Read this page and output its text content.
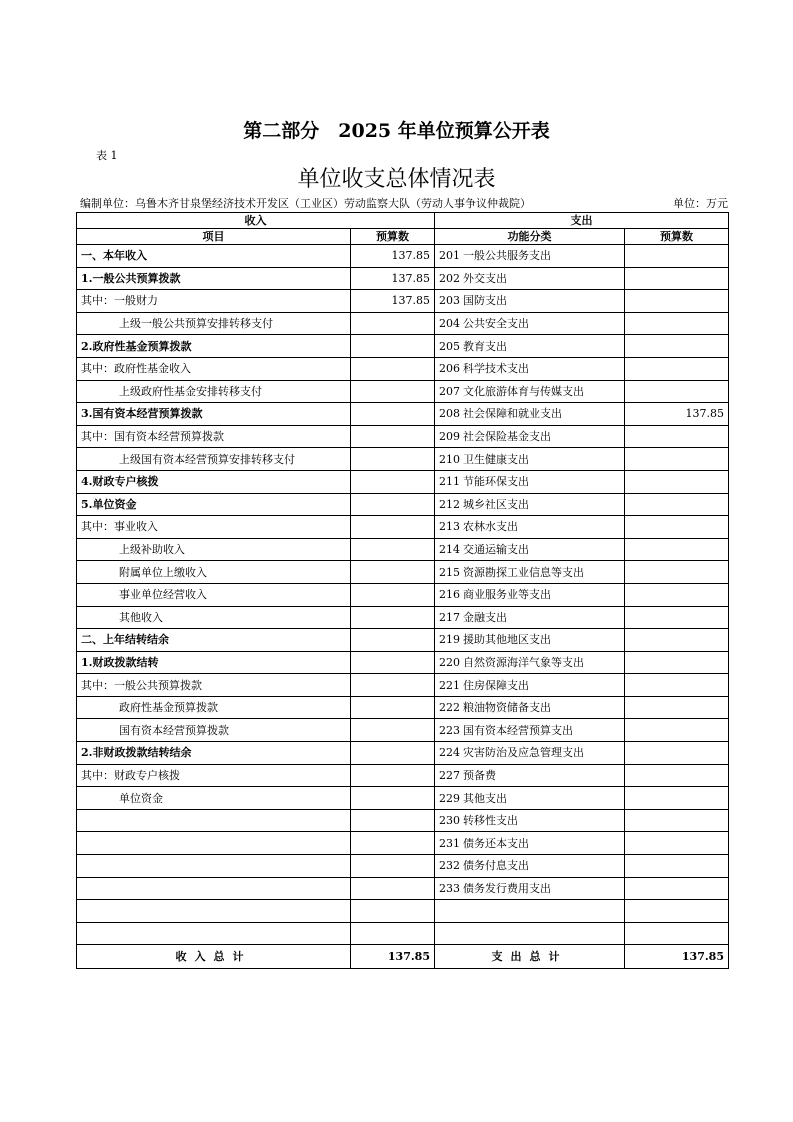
第二部分　2025 年单位预算公开表
表 1
单位收支总体情况表
编制单位：乌鲁木齐甘泉堡经济技术开发区（工业区）劳动监察大队（劳动人事争议仲裁院）	单位：万元
收入		支出	
项目	预算数	功能分类	预算数
一、本年收入	137.85	201 一般公共服务支出	
1.一般公共预算拨款	137.85	202 外交支出	
其中：一般财力	137.85	203 国防支出	
上级一般公共预算安排转移支付		204 公共安全支出	
2.政府性基金预算拨款		205 教育支出	
其中：政府性基金收入		206 科学技术支出	
上级政府性基金安排转移支付		207 文化旅游体育与传媒支出	
3.国有资本经营预算拨款		208 社会保障和就业支出	137.85
其中：国有资本经营预算拨款		209 社会保险基金支出	
上级国有资本经营预算安排转移支付		210 卫生健康支出	
4.财政专户核拨		211 节能环保支出	
5.单位资金		212 城乡社区支出	
其中：事业收入		213 农林水支出	
上级补助收入		214 交通运输支出	
附属单位上缴收入		215 资源勘探工业信息等支出	
事业单位经营收入		216 商业服务业等支出	
其他收入		217 金融支出	
二、上年结转结余		219 援助其他地区支出	
1.财政拨款结转		220 自然资源海洋气象等支出	
其中：一般公共预算拨款		221 住房保障支出	
政府性基金预算拨款		222 粮油物资储备支出	
国有资本经营预算拨款		223 国有资本经营预算支出	
2.非财政拨款结转结余		224 灾害防治及应急管理支出	
其中：财政专户核拨		227 预备费	
单位资金		229 其他支出	
		230 转移性支出	
		231 债务还本支出	
		232 债务付息支出	
		233 债务发行费用支出	

收入总计	137.85	支出总计	137.85
